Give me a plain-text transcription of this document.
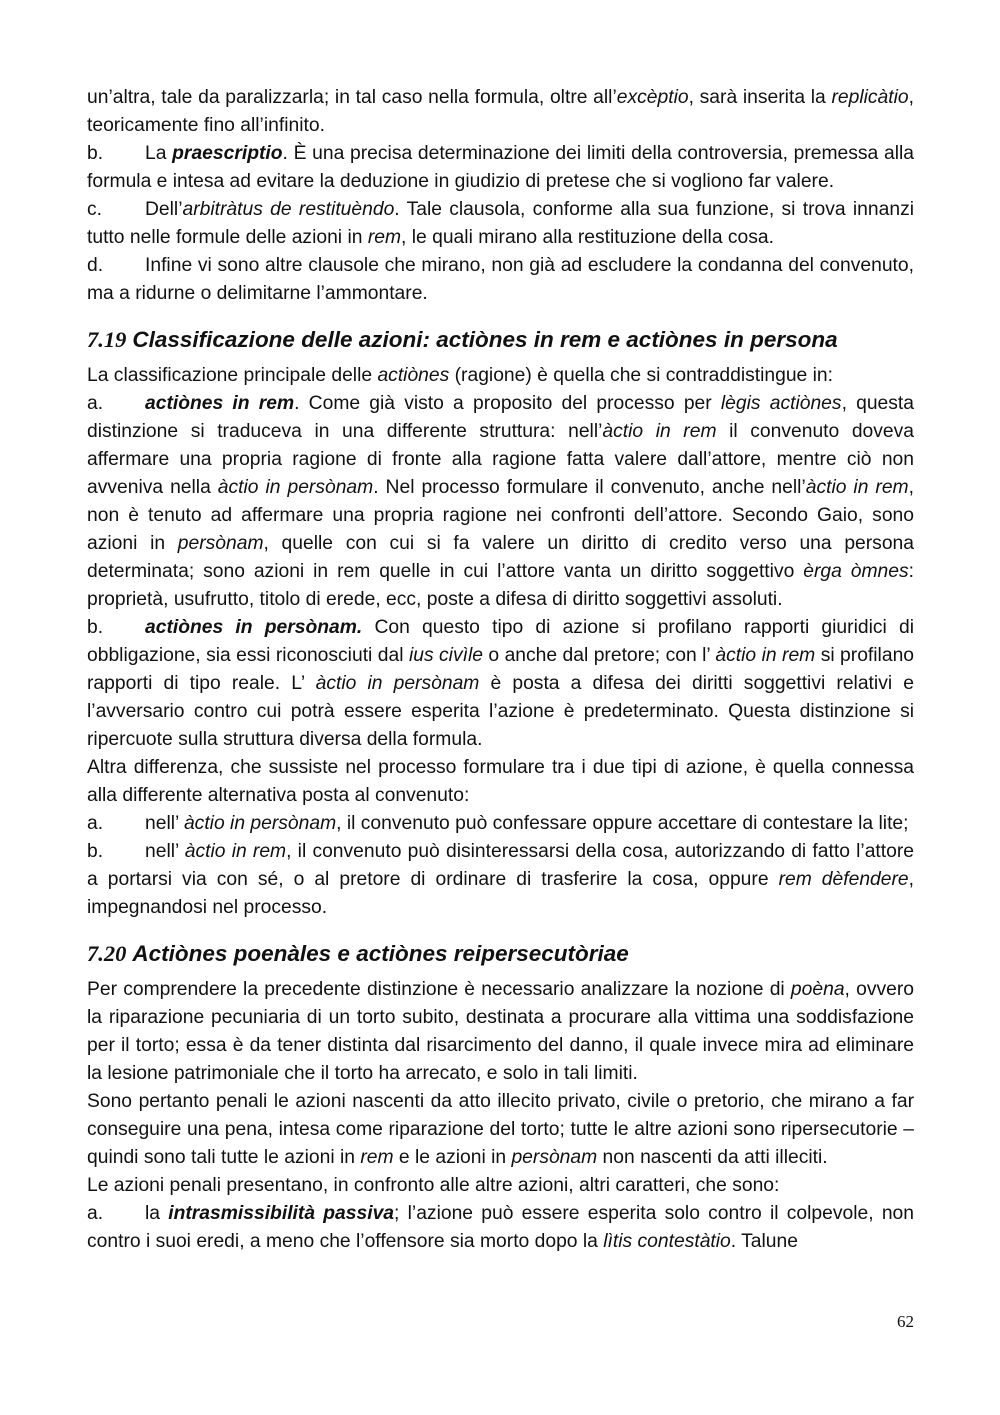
un’altra, tale da paralizzarla; in tal caso nella formula, oltre all’excèptio, sarà inserita la replicàtio, teoricamente fino all’infinito.

b. La praescriptio. È una precisa determinazione dei limiti della controversia, premessa alla formula e intesa ad evitare la deduzione in giudizio di pretese che si vogliono far valere.

c. Dell’arbitràtus de restituèndo. Tale clausola, conforme alla sua funzione, si trova innanzi tutto nelle formule delle azioni in rem, le quali mirano alla restituzione della cosa.

d. Infine vi sono altre clausole che mirano, non già ad escludere la condanna del convenuto, ma a ridurne o delimitarne l’ammontare.

7.19 Classificazione delle azioni: actiònes in rem e actiònes in persona

La classificazione principale delle actiònes (ragione) è quella che si contraddistingue in:

a. actiònes in rem. Come già visto a proposito del processo per lègis actiònes, questa distinzione si traduceva in una differente struttura: nell’àctio in rem il convenuto doveva affermare una propria ragione di fronte alla ragione fatta valere dall’attore, mentre ciò non avveniva nella àctio in persònam. Nel processo formulare il convenuto, anche nell’àctio in rem, non è tenuto ad affermare una propria ragione nei confronti dell’attore. Secondo Gaio, sono azioni in persònam, quelle con cui si fa valere un diritto di credito verso una persona determinata; sono azioni in rem quelle in cui l’attore vanta un diritto soggettivo èrga òmnes: proprietà, usufrutto, titolo di erede, ecc, poste a difesa di diritto soggettivi assoluti.

b. actiònes in persònam. Con questo tipo di azione si profilano rapporti giuridici di obbligazione, sia essi riconosciuti dal ius civìle o anche dal pretore; con l’ àctio in rem si profilano rapporti di tipo reale. L’ àctio in persònam è posta a difesa dei diritti soggettivi relativi e l’avversario contro cui potrà essere esperita l’azione è predeterminato. Questa distinzione si ripercuote sulla struttura diversa della formula.

Altra differenza, che sussiste nel processo formulare tra i due tipi di azione, è quella connessa alla differente alternativa posta al convenuto:

a. nell’ àctio in persònam, il convenuto può confessare oppure accettare di contestare la lite;

b. nell’ àctio in rem, il convenuto può disinteressarsi della cosa, autorizzando di fatto l’attore a portarsi via con sé, o al pretore di ordinare di trasferire la cosa, oppure rem dèfendere, impegnandosi nel processo.

7.20 Actiònes poenàles e actiònes reipersecutòriae

Per comprendere la precedente distinzione è necessario analizzare la nozione di poèna, ovvero la riparazione pecuniaria di un torto subito, destinata a procurare alla vittima una soddisfazione per il torto; essa è da tener distinta dal risarcimento del danno, il quale invece mira ad eliminare la lesione patrimoniale che il torto ha arrecato, e solo in tali limiti.

Sono pertanto penali le azioni nascenti da atto illecito privato, civile o pretorio, che mirano a far conseguire una pena, intesa come riparazione del torto; tutte le altre azioni sono ripersecutorie – quindi sono tali tutte le azioni in rem e le azioni in persònam non nascenti da atti illeciti.

Le azioni penali presentano, in confronto alle altre azioni, altri caratteri, che sono:

a. la intrasmissibilità passiva; l’azione può essere esperita solo contro il colpevole, non contro i suoi eredi, a meno che l’offensore sia morto dopo la lìtis contestàtio. Talune

62
